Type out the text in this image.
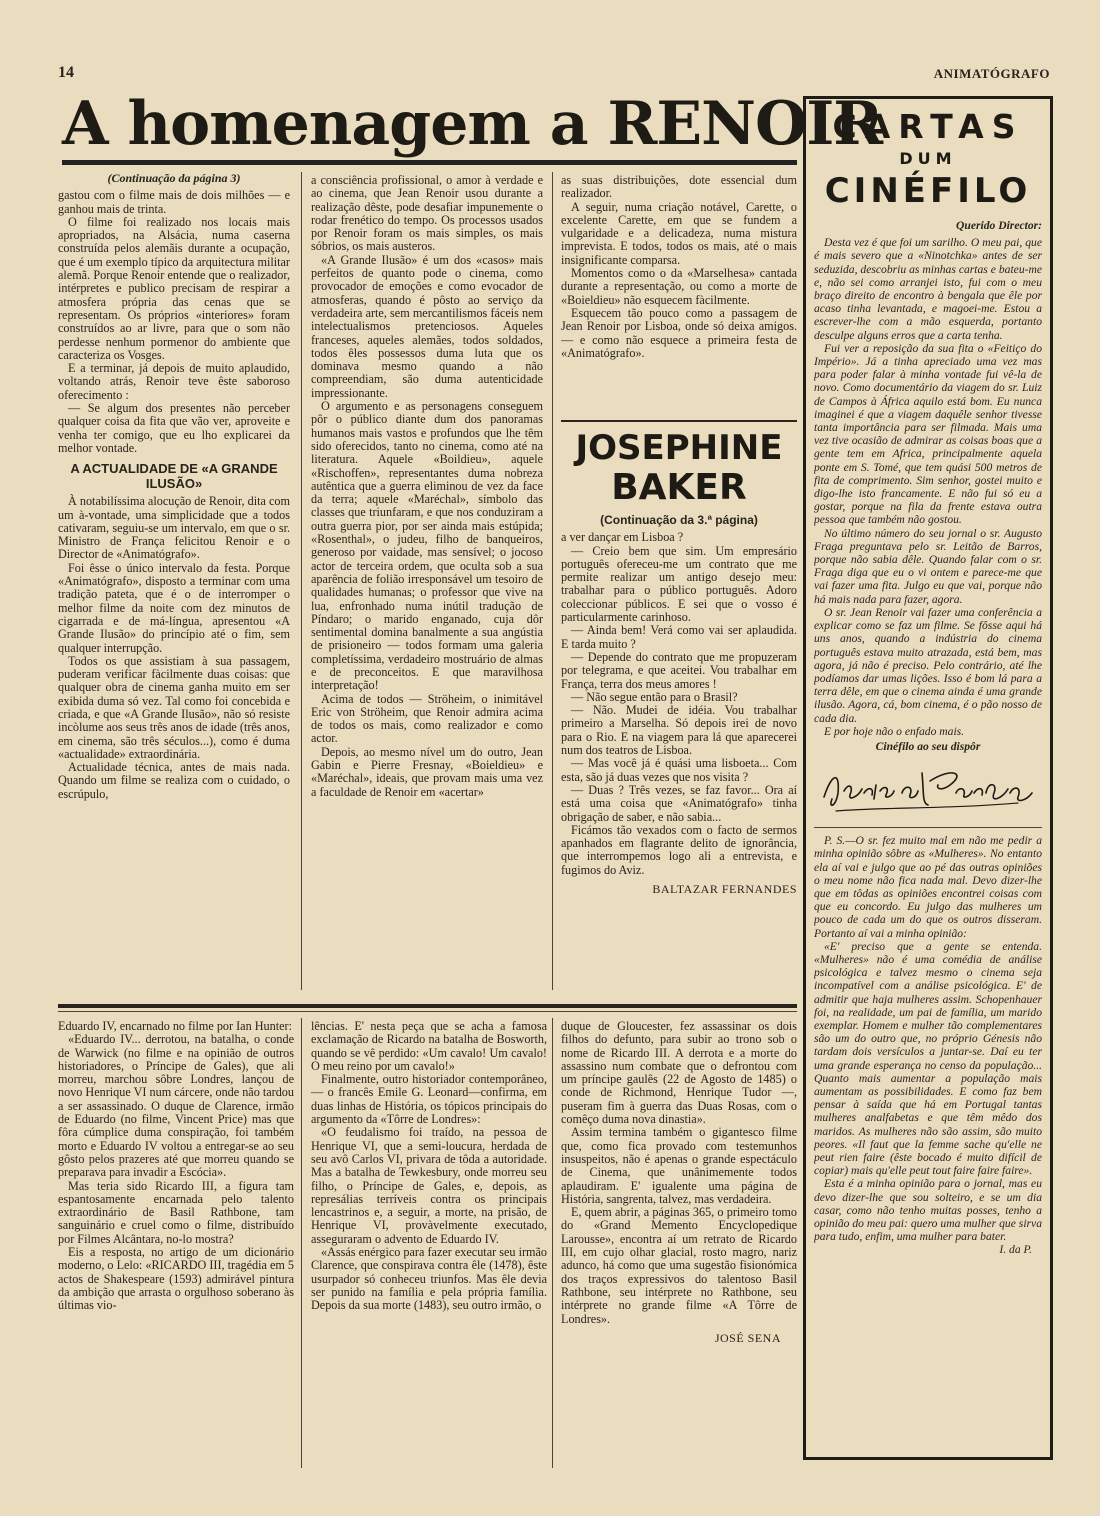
14	ANIMATÓGRAFO
A homenagem a RENOIR
(Continuação da página 3)

gastou com o filme mais de dois milhões — e ganhou mais de trinta.

O filme foi realizado nos locais mais apropriados, na Alsácia, numa caserna construída pelos alemãis durante a ocupação, que é um exemplo típico da arquitectura militar alemã. Porque Renoir entende que o realizador, intérpretes e publico precisam de respirar a atmosfera própria das cenas que se representam. Os próprios «interiores» foram construídos ao ar livre, para que o som não perdesse nenhum pormenor do ambiente que caracteriza os Vosges.

E a terminar, já depois de muito aplaudido, voltando atrás, Renoir teve êste saboroso oferecimento :

— Se algum dos presentes não perceber qualquer coisa da fita que vão ver, aproveite e venha ter comigo, que eu lho explicarei da melhor vontade.

A ACTUALIDADE DE «A GRANDE ILUSÃO»

À notabilíssima alocução de Renoir, dita com um à-vontade, uma simplicidade que a todos cativaram, seguiu-se um intervalo, em que o sr. Ministro de França felicitou Renoir e o Director de «Animatógrafo».

Foi êsse o único intervalo da festa. Porque «Animatógrafo», disposto a terminar com uma tradição pateta, que é o de interromper o melhor filme da noite com dez minutos de cigarrada e de má-língua, apresentou «A Grande Ilusão» do princípio até o fim, sem qualquer interrupção.

Todos os que assistiam à sua passagem, puderam verificar fàcilmente duas coisas: que qualquer obra de cinema ganha muito em ser exibida duma só vez. Tal como foi concebida e criada, e que «A Grande Ilusão», não só resiste incòlume aos seus três anos de idade (três anos, em cinema, são três séculos...), como é duma «actualidade» extraordinária.

Actualidade técnica, antes de mais nada. Quando um filme se realiza com o cuidado, o escrúpulo,

a consciência profissional, o amor à verdade e ao cinema, que Jean Renoir usou durante a realização dêste, pode desafiar impunemente o rodar frenético do tempo. Os processos usados por Renoir foram os mais simples, os mais sóbrios, os mais austeros.

«A Grande Ilusão» é um dos «casos» mais perfeitos de quanto pode o cinema, como provocador de emoções e como evocador de atmosferas, quando é pôsto ao serviço da verdadeira arte, sem mercantilismos fáceis nem intelectualismos pretenciosos. Aqueles franceses, aqueles alemães, todos soldados, todos êles possessos duma luta que os dominava mesmo quando a não compreendiam, são duma autenticidade impressionante.

O argumento e as personagens conseguem pôr o público diante dum dos panoramas humanos mais vastos e profundos que lhe têm sido oferecidos, tanto no cinema, como até na literatura. Aquele «Boildieu», aquele «Rischoffen», representantes duma nobreza autêntica que a guerra eliminou de vez da face da terra; aquele «Maréchal», símbolo das classes que triunfaram, e que nos conduziram a outra guerra pior, por ser ainda mais estúpida; «Rosenthal», o judeu, filho de banqueiros, generoso por vaidade, mas sensível; o jocoso actor de terceira ordem, que oculta sob a sua aparência de folião irresponsável um tesoiro de qualidades humanas; o professor que vive na lua, enfronhado numa inútil tradução de Píndaro; o marido enganado, cuja dôr sentimental domina banalmente a sua angústia de prisioneiro — todos formam uma galeria completíssima, verdadeiro mostruário de almas e de preconceitos. E que maravilhosa interpretação!

Acima de todos — Ströheim, o inimitável Eric von Ströheim, que Renoir admira acima de todos os mais, como realizador e como actor.

Depois, ao mesmo nível um do outro, Jean Gabin e Pierre Fresnay, «Boieldieu» e «Maréchal», ideais, que provam mais uma vez a faculdade de Renoir em «acertar»

as suas distribuições, dote essencial dum realizador.

A seguir, numa criação notável, Carette, o excelente Carette, em que se fundem a vulgaridade e a delicadeza, numa mistura imprevista. E todos, todos os mais, até o mais insignificante comparsa.

Momentos como o da «Marselhesa» cantada durante a representação, ou como a morte de «Boieldieu» não esquecem fàcilmente.

Esquecem tão pouco como a passagem de Jean Renoir por Lisboa, onde só deixa amigos. — e como não esquece a primeira festa de «Animatógrafo».

JOSEPHINE
BAKER
(Continuação da 3.ª página)

a ver dançar em Lisboa ?

— Creio bem que sim. Um empresário português ofereceu-me um contrato que me permite realizar um antigo desejo meu: trabalhar para o público português. Adoro coleccionar públicos. E sei que o vosso é particularmente carinhoso.

— Ainda bem! Verá como vai ser aplaudida. E tarda muito ?

— Depende do contrato que me propuzeram por telegrama, e que aceitei. Vou trabalhar em França, terra dos meus amores !

— Não segue então para o Brasil?

— Não. Mudei de idéia. Vou trabalhar primeiro a Marselha. Só depois irei de novo para o Rio. E na viagem para lá que aparecerei num dos teatros de Lisboa.

— Mas você já é quási uma lisboeta... Com esta, são já duas vezes que nos visita ?

— Duas ? Três vezes, se faz favor... Ora aí está uma coisa que «Animatógrafo» tinha obrigação de saber, e não sabia...

Ficámos tão vexados com o facto de sermos apanhados em flagrante delito de ignorância, que interrompemos logo ali a entrevista, e fugimos do Aviz.

BALTAZAR FERNANDES

Eduardo IV, encarnado no filme por Ian Hunter:

«Eduardo IV... derrotou, na batalha, o conde de Warwick (no filme e na opinião de outros historiadores, o Príncipe de Gales), que ali morreu, marchou sôbre Londres, lançou de novo Henrique VI num cárcere, onde não tardou a ser assassinado. O duque de Clarence, irmão de Eduardo (no filme, Vincent Price) mas que fôra cúmplice duma conspiração, foi também morto e Eduardo IV voltou a entregar-se ao seu gôsto pelos prazeres até que morreu quando se preparava para invadir a Escócia».

Mas teria sido Ricardo III, a figura tam espantosamente encarnada pelo talento extraordinário de Basil Rathbone, tam sanguinário e cruel como o filme, distribuído por Filmes Alcântara, no-lo mostra?

Eis a resposta, no artigo de um dicionário moderno, o Lelo: «RICARDO III, tragédia em 5 actos de Shakespeare (1593) admirável pintura da ambição que arrasta o orgulhoso soberano às últimas vio-

lências. E' nesta peça que se acha a famosa exclamação de Ricardo na batalha de Bosworth, quando se vê perdido: «Um cavalo! Um cavalo! O meu reino por um cavalo!»

Finalmente, outro historiador contemporâneo, — o francês Emile G. Leonard—confirma, em duas linhas de História, os tópicos principais do argumento da «Tôrre de Londres»:

«O feudalismo foi traído, na pessoa de Henrique VI, que a semi-loucura, herdada de seu avô Carlos VI, privara de tôda a autoridade. Mas a batalha de Tewkesbury, onde morreu seu filho, o Príncipe de Gales, e, depois, as represálias terríveis contra os principais lencastrinos e, a seguir, a morte, na prisão, de Henrique VI, provàvelmente executado, asseguraram o advento de Eduardo IV.

«Assás enérgico para fazer executar seu irmão Clarence, que conspirava contra êle (1478), êste usurpador só conheceu triunfos. Mas êle devia ser punido na família e pela própria família. Depois da sua morte (1483), seu outro irmão, o

duque de Gloucester, fez assassinar os dois filhos do defunto, para subir ao trono sob o nome de Ricardo III. A derrota e a morte do assassino num combate que o defrontou com um príncipe gaulês (22 de Agosto de 1485) o conde de Richmond, Henrique Tudor —, puseram fim à guerra das Duas Rosas, com o comêço duma nova dinastia».

Assim termina também o gigantesco filme que, como fica provado com testemunhos insuspeitos, não é apenas o grande espectáculo de Cinema, que unânimemente todos aplaudiram. E' igualente uma página de História, sangrenta, talvez, mas verdadeira.

E, quem abrir, a páginas 365, o primeiro tomo do «Grand Memento Encyclopedique Larousse», encontra aí um retrato de Ricardo III, em cujo olhar glacial, rosto magro, nariz adunco, há como que uma sugestão fisionómica dos traços expressivos do talentoso Basil Rathbone, seu intérprete no Rathbone, seu intérprete no grande filme «A Tôrre de Londres».

JOSÉ SENA
CARTAS
DUM
CINÉFILO

Querido Director:

Desta vez é que foi um sarilho. O meu pai, que é mais severo que a «Ninotchka» antes de ser seduzida, descobriu as minhas cartas e bateu-me e, não sei como arranjei isto, fui com o meu braço direito de encontro à bengala que êle por acaso tinha levantada, e magoei-me. Estou a escrever-lhe com a mão esquerda, portanto desculpe alguns erros que a carta tenha.

Fui ver a reposição da sua fita o «Feitiço do Império». Já a tinha apreciado uma vez mas para poder falar à minha vontade fui vê-la de novo. Como documentário da viagem do sr. Luiz de Campos à África aquilo está bom. Eu nunca imaginei é que a viagem daquêle senhor tivesse tanta importância para ser filmada. Mais uma vez tive ocasião de admirar as coisas boas que a gente tem em Africa, principalmente aquela ponte em S. Tomé, que tem quási 500 metros de fita de comprimento. Sim senhor, gostei muito e digo-lhe isto francamente. E não fui só eu a gostar, porque na fila da frente estava outra pessoa que também não gostou.

No último número do seu jornal o sr. Augusto Fraga preguntava pelo sr. Leitão de Barros, porque não sabia dêle. Quando falar com o sr. Fraga diga que eu o vi ontem e parece-me que vai fazer uma fita. Julgo eu que vai, porque não há mais nada para fazer, agora.

O sr. Jean Renoir vai fazer uma conferência a explicar como se faz um filme. Se fôsse aqui há uns anos, quando a indústria do cinema português estava muito atrazada, está bem, mas agora, já não é preciso. Pelo contrário, até lhe podíamos dar umas lições. Isso é bom lá para a terra dêle, em que o cinema ainda é uma grande ilusão. Agora, cá, bom cinema, é o pão nosso de cada dia.

E por hoje não o enfado mais.

Cinéfilo ao seu dispôr

P. S.—O sr. fez muito mal em não me pedir a minha opinião sôbre as «Mulheres». No entanto ela aí vai e julgo que ao pé das outras opiniões o meu nome não fica nada mal. Devo dizer-lhe que em tôdas as opiniões encontrei coisas com que eu concordo. Eu julgo das mulheres um pouco de cada um do que os outros disseram. Portanto aí vai a minha opinião:

«E' preciso que a gente se entenda. «Mulheres» não é uma comédia de análise psicológica e talvez mesmo o cinema seja incompatível com a análise psicológica. E' de admitir que haja mulheres assim. Schopenhauer foi, na realidade, um pai de família, um marido exemplar. Homem e mulher tão complementares são um do outro que, no próprio Génesis não tardam dois versículos a juntar-se. Daí eu ter uma grande esperança no censo da população... Quanto mais aumentar a população mais aumentam as possibilidades. E como faz bem pensar à saída que há em Portugal tantas mulheres analfabetas e que têm mêdo dos maridos. As mulheres não são assim, são muito peores. «Il faut que la femme sache qu'elle ne peut rien faire (êste bocado é muito difícil de copiar) mais qu'elle peut tout faire faire faire».

Esta é a minha opinião para o jornal, mas eu devo dizer-lhe que sou solteiro, e se um dia casar, como não tenho muitas posses, tenho a opinião do meu pai: quero uma mulher que sirva para tudo, enfim, uma mulher para bater.

I. da P.
